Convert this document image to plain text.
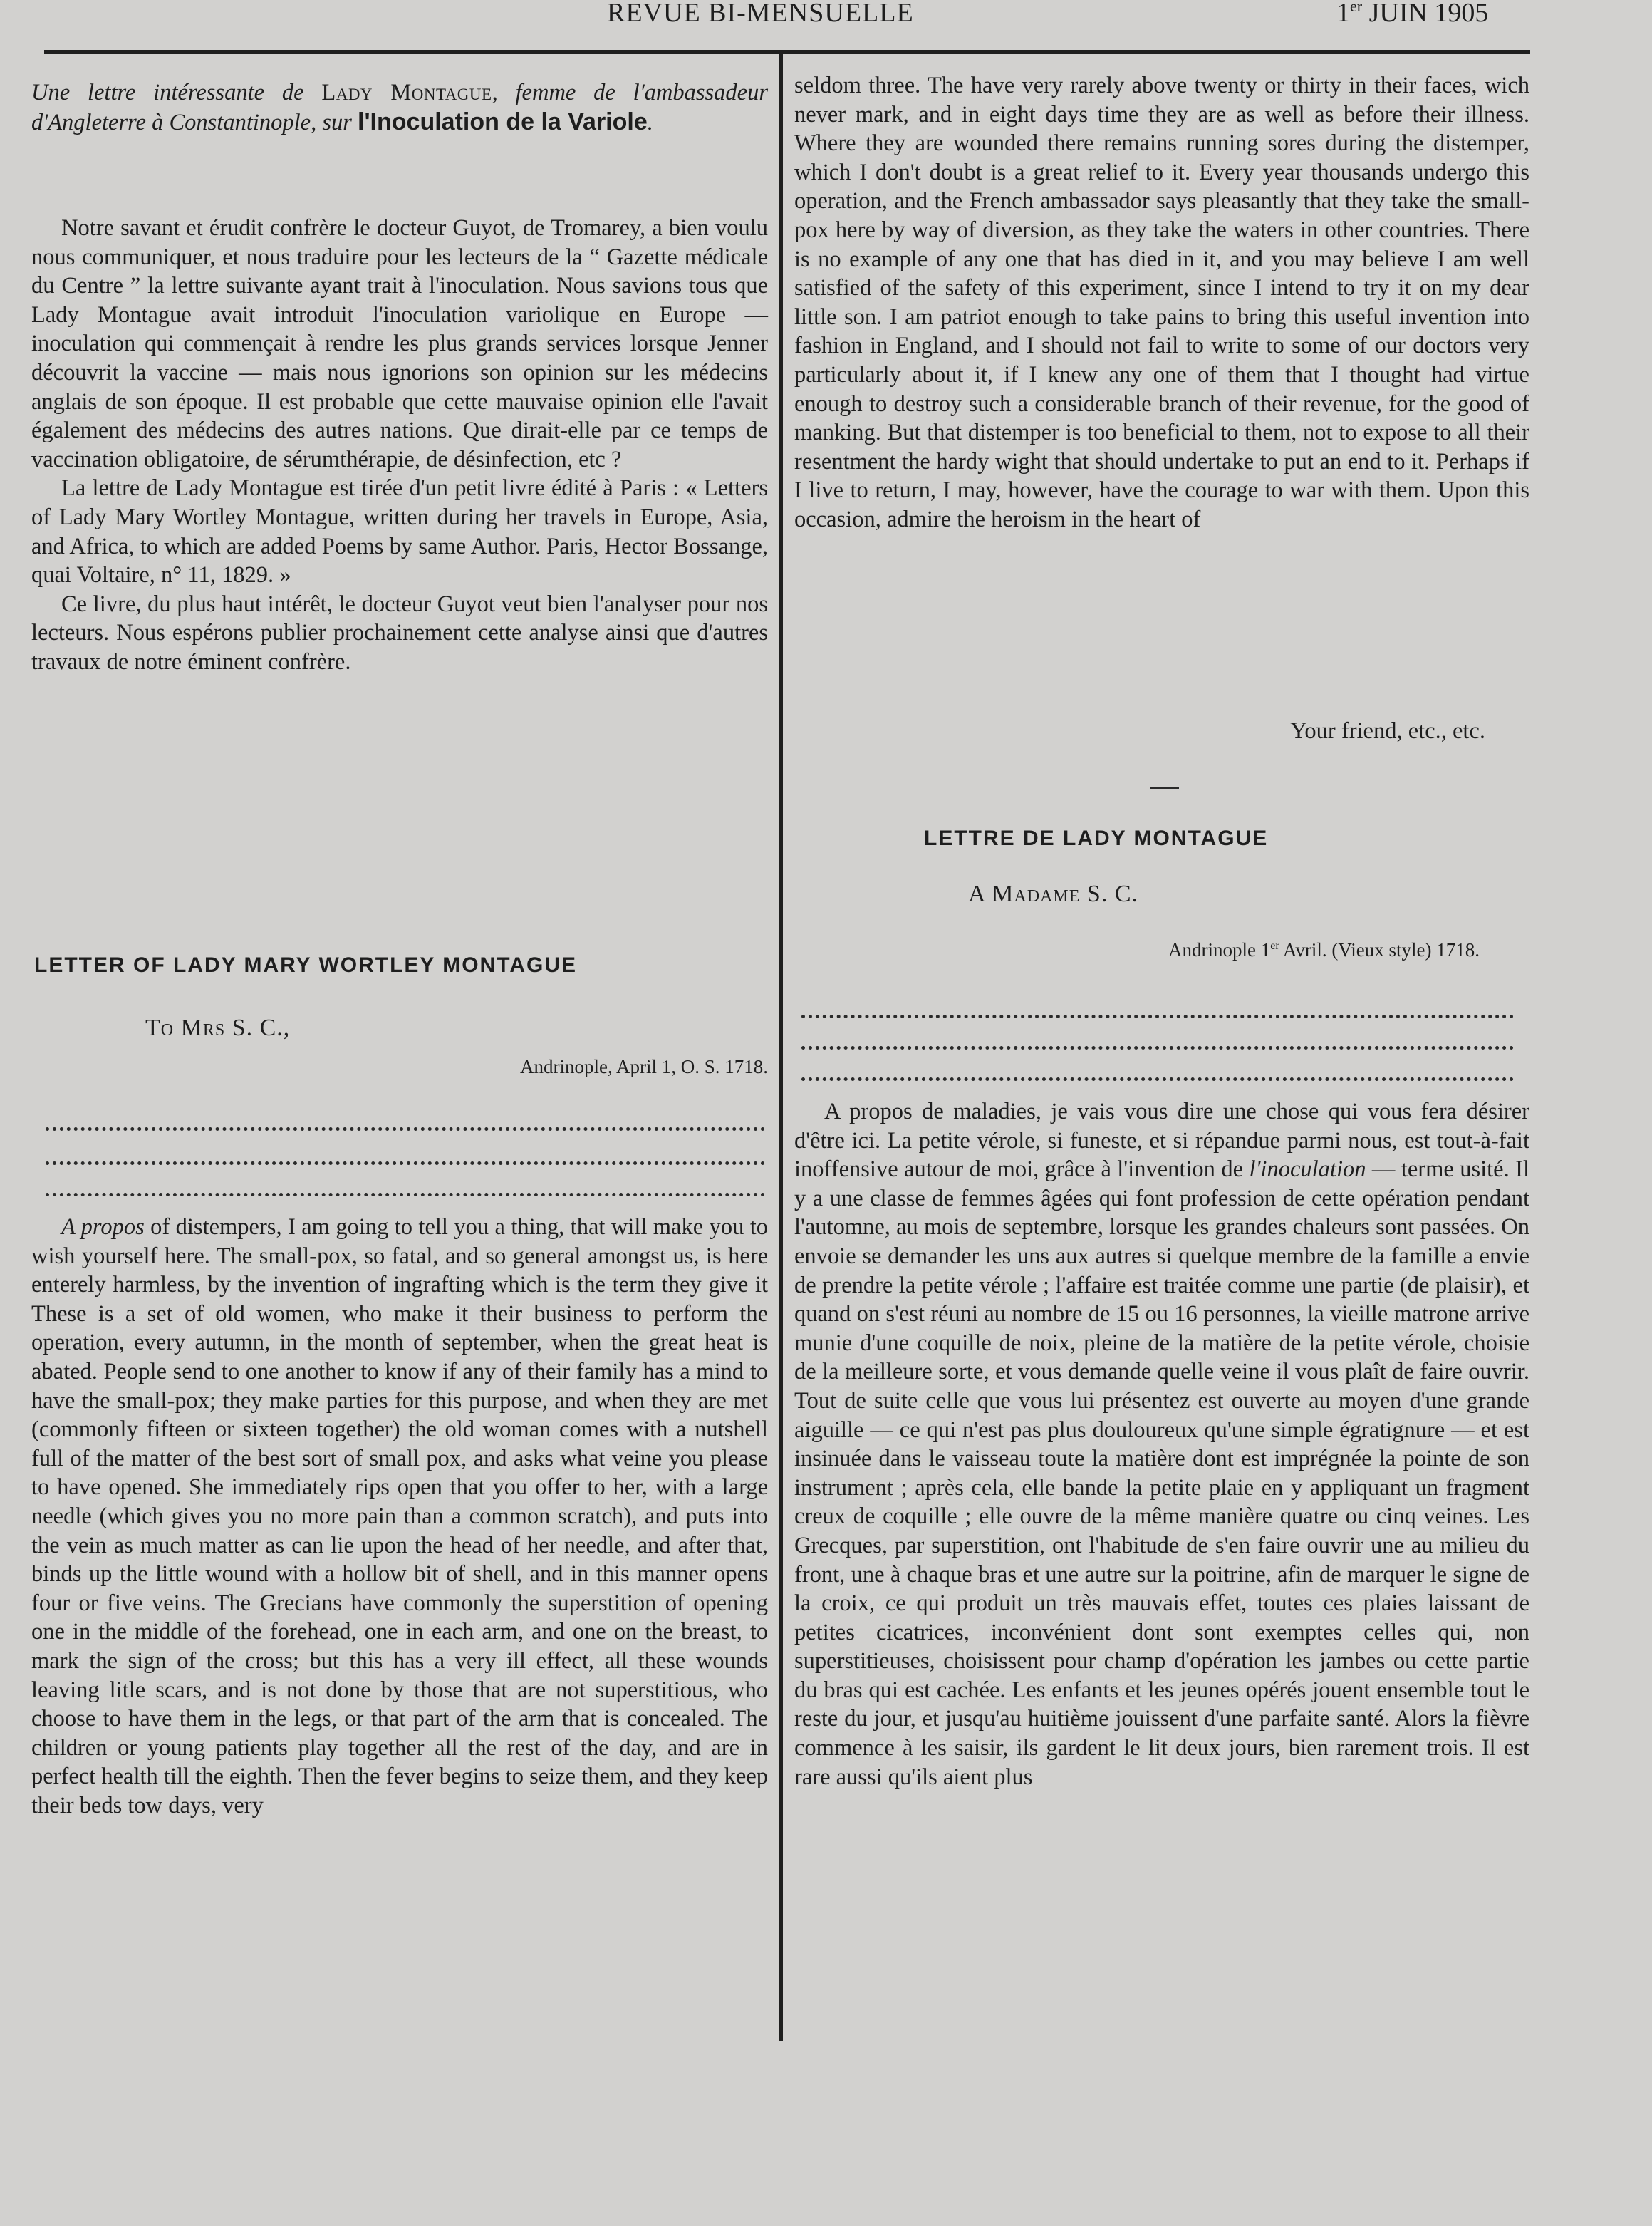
REVUE BI-MENSUELLE	1er JUIN 1905
Une lettre intéressante de Lady Montague, femme de l'ambassadeur d'Angleterre à Constantinople, sur l'Inoculation de la Variole.

Notre savant et érudit confrère le docteur Guyot, de Tromarey, a bien voulu nous communiquer, et nous traduire pour les lecteurs de la “ Gazette médicale du Centre ” la lettre suivante ayant trait à l'inoculation. Nous savions tous que Lady Montague avait introduit l'inoculation variolique en Europe — inoculation qui commençait à rendre les plus grands services lorsque Jenner découvrit la vaccine — mais nous ignorions son opinion sur les médecins anglais de son époque. Il est probable que cette mauvaise opinion elle l'avait également des médecins des autres nations. Que dirait-elle par ce temps de vaccination obligatoire, de sérumthérapie, de désinfection, etc ?

La lettre de Lady Montague est tirée d'un petit livre édité à Paris : « Letters of Lady Mary Wortley Montague, written during her travels in Europe, Asia, and Africa, to which are added Poems by same Author. Paris, Hector Bossange, quai Voltaire, n° 11, 1829. »

Ce livre, du plus haut intérêt, le docteur Guyot veut bien l'analyser pour nos lecteurs. Nous espérons publier prochainement cette analyse ainsi que d'autres travaux de notre éminent confrère.

LETTER OF LADY MARY WORTLEY MONTAGUE
To Mrs S. C.,
Andrinople, April 1, O. S. 1718.

A propos of distempers, I am going to tell you a thing, that will make you to wish yourself here. The small-pox, so fatal, and so general amongst us, is here enterely harmless, by the invention of ingrafting which is the term they give it These is a set of old women, who make it their business to perform the operation, every autumn, in the month of september, when the great heat is abated. People send to one another to know if any of their family has a mind to have the small-pox; they make parties for this purpose, and when they are met (commonly fifteen or sixteen together) the old woman comes with a nutshell full of the matter of the best sort of small pox, and asks what veine you please to have opened. She immediately rips open that you offer to her, with a large needle (which gives you no more pain than a common scratch), and puts into the vein as much matter as can lie upon the head of her needle, and after that, binds up the little wound with a hollow bit of shell, and in this manner opens four or five veins. The Grecians have commonly the superstition of opening one in the middle of the forehead, one in each arm, and one on the breast, to mark the sign of the cross; but this has a very ill effect, all these wounds leaving litle scars, and is not done by those that are not superstitious, who choose to have them in the legs, or that part of the arm that is concealed. The children or young patients play together all the rest of the day, and are in perfect health till the eighth. Then the fever begins to seize them, and they keep their beds tow days, very

seldom three. The have very rarely above twenty or thirty in their faces, wich never mark, and in eight days time they are as well as before their illness. Where they are wounded there remains running sores during the distemper, which I don't doubt is a great relief to it. Every year thousands undergo this operation, and the French ambassador says pleasantly that they take the small-pox here by way of diversion, as they take the waters in other countries. There is no example of any one that has died in it, and you may believe I am well satisfied of the safety of this experiment, since I intend to try it on my dear little son. I am patriot enough to take pains to bring this useful invention into fashion in England, and I should not fail to write to some of our doctors very particularly about it, if I knew any one of them that I thought had virtue enough to destroy such a considerable branch of their revenue, for the good of manking. But that distemper is too beneficial to them, not to expose to all their resentment the hardy wight that should undertake to put an end to it. Perhaps if I live to return, I may, however, have the courage to war with them. Upon this occasion, admire the heroism in the heart of

Your friend, etc., etc.
LETTRE DE LADY MONTAGUE
A Madame S. C.
Andrinople 1er Avril. (Vieux style) 1718.

A propos de maladies, je vais vous dire une chose qui vous fera désirer d'être ici. La petite vérole, si funeste, et si répandue parmi nous, est tout-à-fait inoffensive autour de moi, grâce à l'invention de l'inoculation — terme usité. Il y a une classe de femmes âgées qui font profession de cette opération pendant l'automne, au mois de septembre, lorsque les grandes chaleurs sont passées. On envoie se demander les uns aux autres si quelque membre de la famille a envie de prendre la petite vérole ; l'affaire est traitée comme une partie (de plaisir), et quand on s'est réuni au nombre de 15 ou 16 personnes, la vieille matrone arrive munie d'une coquille de noix, pleine de la matière de la petite vérole, choisie de la meilleure sorte, et vous demande quelle veine il vous plaît de faire ouvrir. Tout de suite celle que vous lui présentez est ouverte au moyen d'une grande aiguille — ce qui n'est pas plus douloureux qu'une simple égratignure — et est insinuée dans le vaisseau toute la matière dont est imprégnée la pointe de son instrument ; après cela, elle bande la petite plaie en y appliquant un fragment creux de coquille ; elle ouvre de la même manière quatre ou cinq veines. Les Grecques, par superstition, ont l'habitude de s'en faire ouvrir une au milieu du front, une à chaque bras et une autre sur la poitrine, afin de marquer le signe de la croix, ce qui produit un très mauvais effet, toutes ces plaies laissant de petites cicatrices, inconvénient dont sont exemptes celles qui, non superstitieuses, choisissent pour champ d'opération les jambes ou cette partie du bras qui est cachée. Les enfants et les jeunes opérés jouent ensemble tout le reste du jour, et jusqu'au huitième jouissent d'une parfaite santé. Alors la fièvre commence à les saisir, ils gardent le lit deux jours, bien rarement trois. Il est rare aussi qu'ils aient plus
